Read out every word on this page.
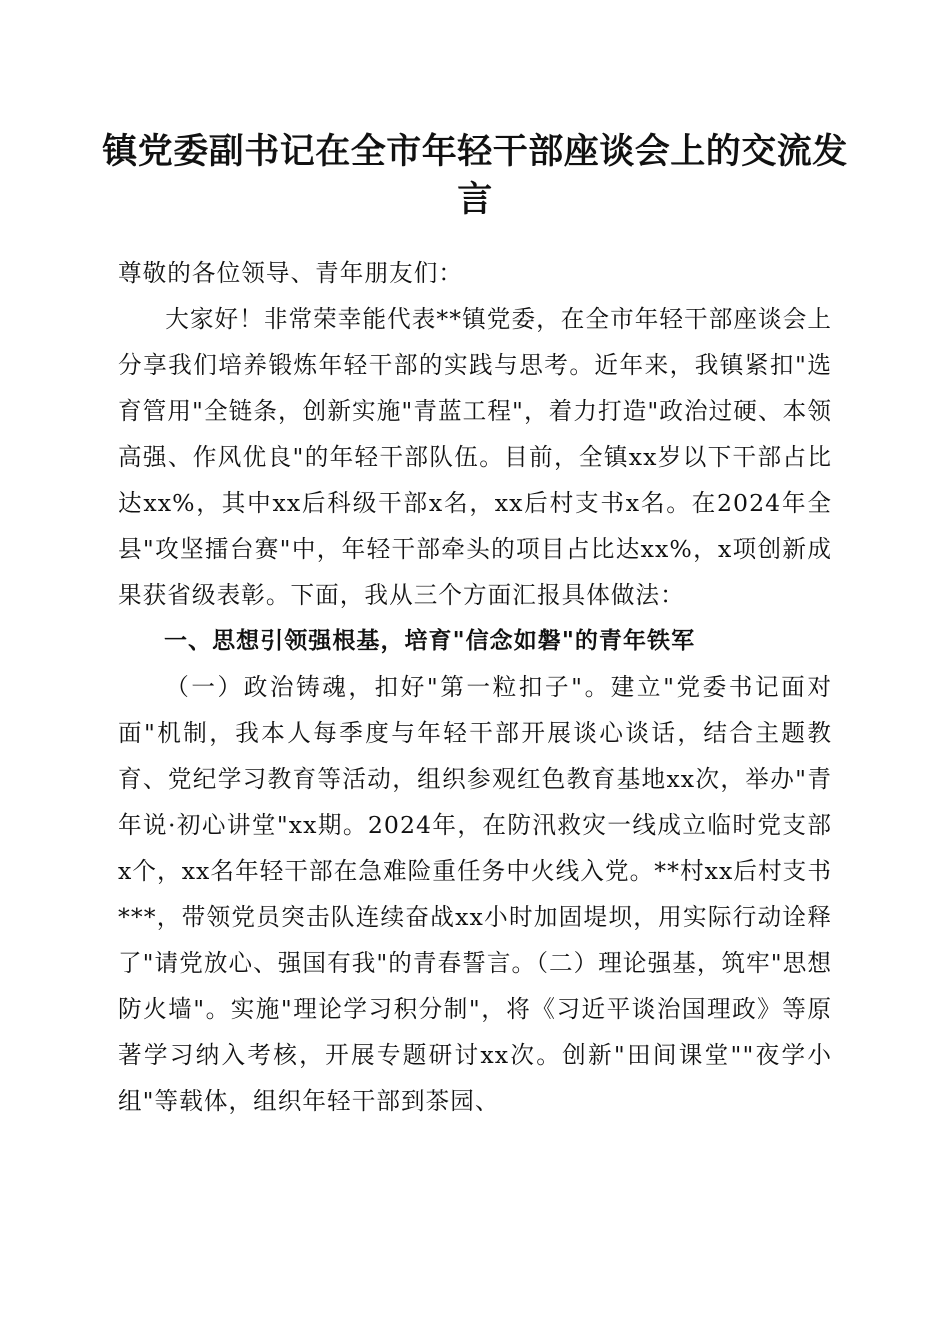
镇党委副书记在全市年轻干部座谈会上的交流发言

尊敬的各位领导、青年朋友们：

大家好！非常荣幸能代表**镇党委，在全市年轻干部座谈会上分享我们培养锻炼年轻干部的实践与思考。近年来，我镇紧扣"选育管用"全链条，创新实施"青蓝工程"，着力打造"政治过硬、本领高强、作风优良"的年轻干部队伍。目前，全镇xx岁以下干部占比达xx%，其中xx后科级干部x名，xx后村支书x名。在2024年全县"攻坚擂台赛"中，年轻干部牵头的项目占比达xx%，x项创新成果获省级表彰。下面，我从三个方面汇报具体做法：

一、思想引领强根基，培育"信念如磐"的青年铁军

（一）政治铸魂，扣好"第一粒扣子"。建立"党委书记面对面"机制，我本人每季度与年轻干部开展谈心谈话，结合主题教育、党纪学习教育等活动，组织参观红色教育基地xx次，举办"青年说·初心讲堂"xx期。2024年，在防汛救灾一线成立临时党支部x个，xx名年轻干部在急难险重任务中火线入党。**村xx后村支书***，带领党员突击队连续奋战xx小时加固堤坝，用实际行动诠释了"请党放心、强国有我"的青春誓言。（二）理论强基，筑牢"思想防火墙"。实施"理论学习积分制"，将《习近平谈治国理政》等原著学习纳入考核，开展专题研讨xx次。创新"田间课堂""夜学小组"等载体，组织年轻干部到茶园、
